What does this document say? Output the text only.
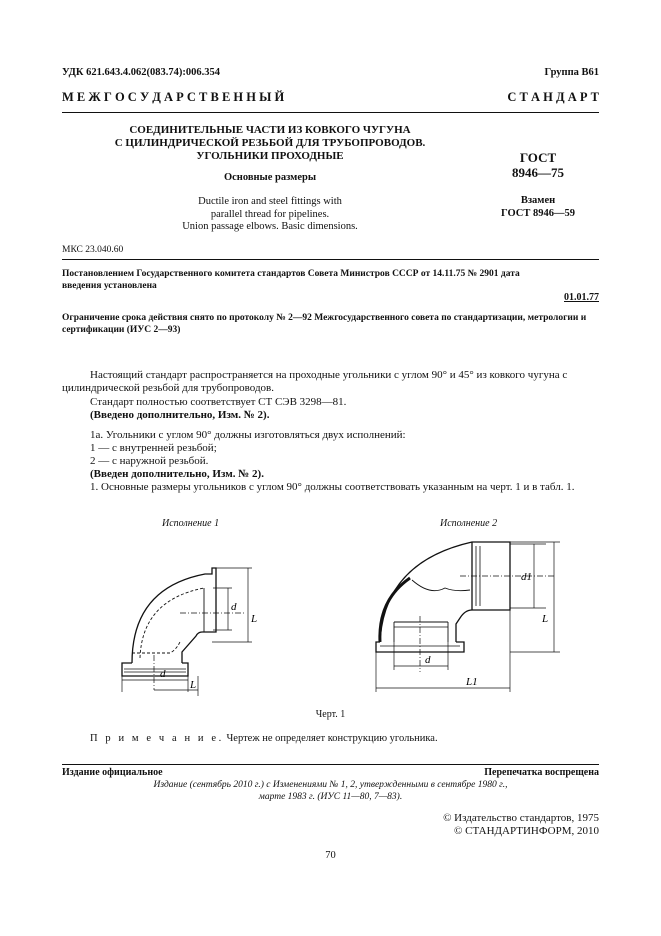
УДК 621.643.4.062(083.74):006.354	Группа В61
М Е Ж Г О С У Д А Р С Т В Е Н Н Ы Й	С Т А Н Д А Р Т
СОЕДИНИТЕЛЬНЫЕ ЧАСТИ ИЗ КОВКОГО ЧУГУНА
С ЦИЛИНДРИЧЕСКОЙ РЕЗЬБОЙ ДЛЯ ТРУБОПРОВОДОВ.
УГОЛЬНИКИ ПРОХОДНЫЕ
Основные размеры
Ductile iron and steel fittings with
parallel thread for pipelines.
Union passage elbows. Basic dimensions.
ГОСТ
8946—75
Взамен
ГОСТ 8946—59
МКС 23.040.60
Постановлением Государственного комитета стандартов Совета Министров СССР от 14.11.75 № 2901 дата введения установлена
01.01.77
Ограничение срока действия снято по протоколу № 2—92 Межгосударственного совета по стандартизации, метрологии и сертификации (ИУС 2—93)
Настоящий стандарт распространяется на проходные угольники с углом 90° и 45° из ковкого чугуна с цилиндрической резьбой для трубопроводов.
Стандарт полностью соответствует СТ СЭВ 3298—81.
(Введено дополнительно, Изм. № 2).
1а. Угольники с углом 90° должны изготовляться двух исполнений:
1 — с внутренней резьбой;
2 — с наружной резьбой.
(Введен дополнительно, Изм. № 2).
1. Основные размеры угольников с углом 90° должны соответствовать указанным на черт. 1 и в табл. 1.
Исполнение 1	Исполнение 2
d
L
d
L
d1
L
d
L1
Черт. 1
П р и м е ч а н и е. Чертеж не определяет конструкцию угольника.
Издание официальное	Перепечатка воспрещена
Издание (сентябрь 2010 г.) с Изменениями № 1, 2, утвержденными в сентябре 1980 г.,
марте 1983 г. (ИУС 11—80, 7—83).
© Издательство стандартов, 1975
© СТАНДАРТИНФОРМ, 2010
70
